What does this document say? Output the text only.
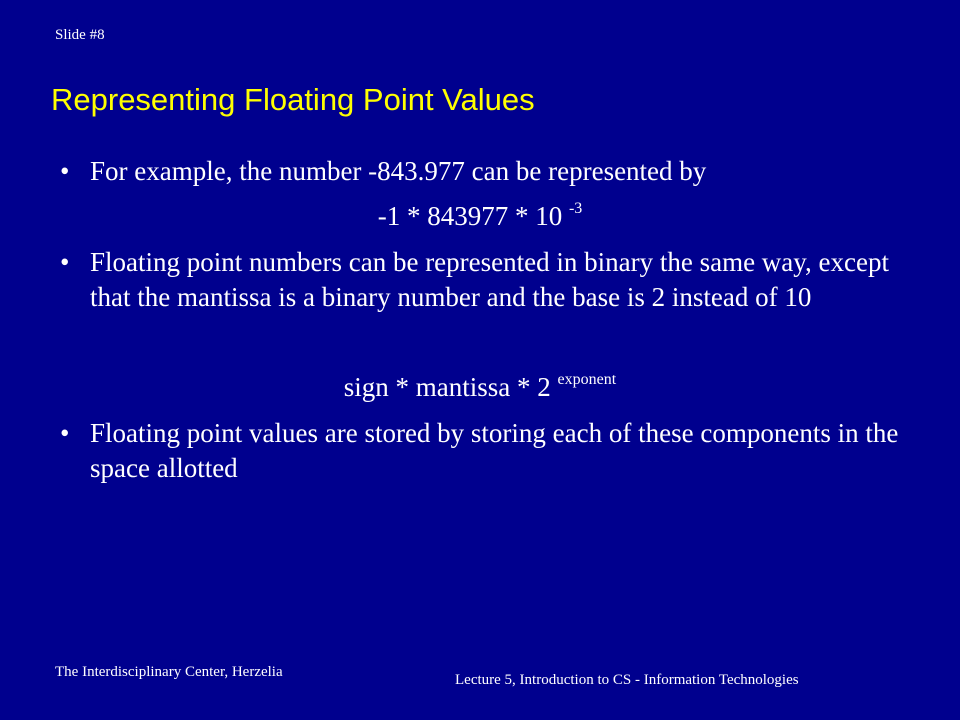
Slide #8
Representing Floating Point Values
• For example, the number -843.977 can be represented by
-1 * 843977 * 10 $^{-3}$
• Floating point numbers can be represented in binary the same way, except that the mantissa is a binary number and the base is 2 instead of 10
sign * mantissa * 2 $^{exponent}$
• Floating point values are stored by storing each of these components in the space allotted
The Interdisciplinary Center, Herzelia	Lecture 5, Introduction to CS - Information Technologies
